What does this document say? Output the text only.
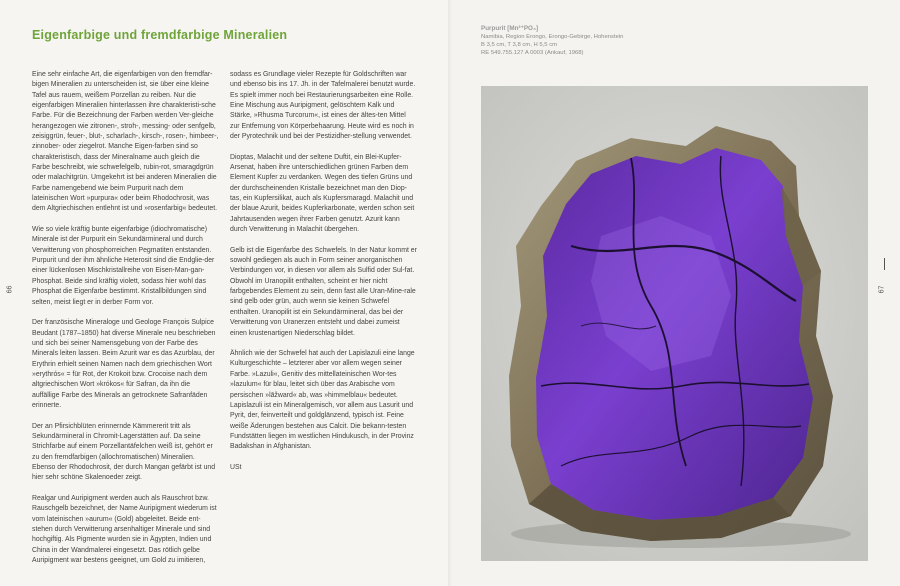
Eigenfarbige und fremdfarbige Mineralien

Eine sehr einfache Art, die eigenfarbigen von den fremdfar-bigen Mineralien zu unterscheiden ist, sie über eine kleine Tafel aus rauem, weißem Porzellan zu reiben. Nur die eigenfarbigen Mineralien hinterlassen ihre charakteristi-sche Farbe. Für die Bezeichnung der Farben werden Ver-gleiche herangezogen wie zitronen-, stroh-, messing- oder senfgelb, zeisiggrün, feuer-, blut-, scharlach-, kirsch-, rosen-, himbeer-, zinnober- oder ziegelrot. Manche Eigen-farben sind so charakteristisch, dass der Mineralname auch gleich die Farbe beschreibt, wie schwefelgelb, rubin-rot, smaragdgrün oder malachitgrün. Umgekehrt ist bei anderen Mineralien die Farbe namengebend wie beim Purpurit nach dem lateinischen Wort »purpura« oder beim Rhodochrosit, was dem Altgriechischen entlehnt ist und »rosenfarbig« bedeutet.

Wie so viele kräftig bunte eigenfarbige (idiochromatische) Minerale ist der Purpurit ein Sekundärmineral und durch Verwitterung von phosphorreichen Pegmatiten entstanden. Purpurit und der ihm ähnliche Heterosit sind die Endglie-der einer lückenlosen Mischkristallreihe von Eisen-Man-gan-Phosphat. Beide sind kräftig violett, sodass hier wohl das Phosphat die Eigenfarbe bestimmt. Kristallbildungen sind selten, meist liegt er in derber Form vor.

Der französische Mineraloge und Geologe François Sulpice Beudant (1787–1850) hat diverse Minerale neu beschrieben und sich bei seiner Namensgebung von der Farbe des Minerals leiten lassen. Beim Azurit war es das Azurblau, der Erythrin erhielt seinen Namen nach dem griechischen Wort »erythrós« = für Rot, der Krokoit bzw. Crocoise nach dem altgriechischen Wort »krókos« für Safran, da ihn die auffällige Farbe des Minerals an getrocknete Safranfäden erinnerte.

Der an Pfirsichblüten erinnernde Kämmererit tritt als Sekundärmineral in Chromit-Lagerstätten auf. Da seine Strichfarbe auf einem Porzellantäfelchen weiß ist, gehört er zu den fremdfarbigen (allochromatischen) Mineralien. Ebenso der Rhodochrosit, der durch Mangan gefärbt ist und hier sehr schöne Skalenoeder zeigt.

Realgar und Auripigment werden auch als Rauschrot bzw. Rauschgelb bezeichnet, der Name Auripigment wiederum ist vom lateinischen »aurum« (Gold) abgeleitet. Beide ent-stehen durch Verwitterung arsenhaltiger Minerale und sind hochgiftig. Als Pigmente wurden sie in Ägypten, Indien und China in der Wandmalerei eingesetzt. Das rötlich gelbe Auripigment war bestens geeignet, um Gold zu imitieren,

sodass es Grundlage vieler Rezepte für Goldschriften war und ebenso bis ins 17. Jh. in der Tafelmalerei benutzt wurde. Es spielt immer noch bei Restaurierungsarbeiten eine Rolle. Eine Mischung aus Auripigment, gelöschtem Kalk und Stärke, »Rhusma Turcorum«, ist eines der ältes-ten Mittel zur Entfernung von Körperbehaarung. Heute wird es noch in der Pyrotechnik und bei der Pestizidher-stellung verwendet.

Dioptas, Malachit und der seltene Duftit, ein Blei-Kupfer-Arsenat, haben ihre unterschiedlichen grünen Farben dem Element Kupfer zu verdanken. Wegen des tiefen Grüns und der durchscheinenden Kristalle bezeichnet man den Diop-tas, ein Kupfersilikat, auch als Kupfersmaragd. Malachit und der blaue Azurit, beides Kupferkarbonate, werden schon seit Jahrtausenden wegen ihrer Farben genutzt. Azurit kann durch Verwitterung in Malachit übergehen.

Gelb ist die Eigenfarbe des Schwefels. In der Natur kommt er sowohl gediegen als auch in Form seiner anorganischen Verbindungen vor, in diesen vor allem als Sulfid oder Sul-fat. Obwohl im Uranopilit enthalten, scheint er hier nicht farbgebendes Element zu sein, denn fast alle Uran-Mine-rale sind gelb oder grün, auch wenn sie keinen Schwefel enthalten. Uranopilit ist ein Sekundärmineral, das bei der Verwitterung von Uranerzen entsteht und dabei zumeist einen krustenartigen Niederschlag bildet.

Ähnlich wie der Schwefel hat auch der Lapislazuli eine lange Kulturgeschichte – letzterer aber vor allem wegen seiner Farbe. »Lazuli«, Genitiv des mittellateinischen Wor-tes »lazulum« für blau, leitet sich über das Arabische vom persischen »lāžward« ab, was »himmelblau« bedeutet. Lapislazuli ist ein Mineralgemisch, vor allem aus Lasurit und Pyrit, der, feinverteilt und goldglänzend, typisch ist. Feine weiße Äderungen bestehen aus Calcit. Die bekann-testen Fundstätten liegen im westlichen Hindukusch, in der Provinz Badakshan in Afghanistan.

USt

66	67
Purpurit [Mn³⁺PO₄]
Namibia, Region Erongo, Erongo-Gebirge, Hohenstein
B 3,5 cm, T 3,8 cm, H 5,5 cm
RE 549.755.127 A 0003 (Ankauf, 1968)
